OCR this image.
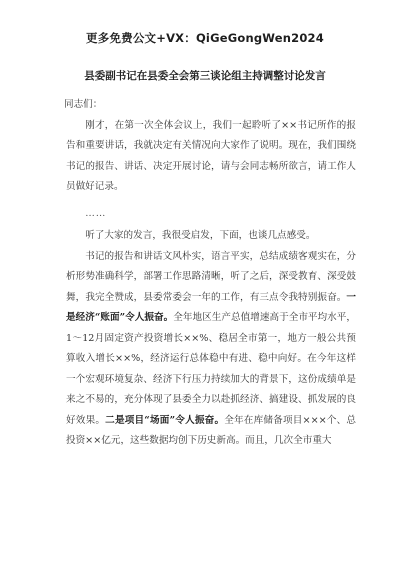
更多免费公文+VX：QiGeGongWen2024
县委副书记在县委全会第三谈论组主持调整讨论发言

同志们：

刚才，在第一次全体会议上，我们一起聆听了××书记所作的报告和重要讲话，我就决定有关情况向大家作了说明。现在，我们围绕书记的报告、讲话、决定开展讨论，请与会同志畅所欲言，请工作人员做好记录。

……

听了大家的发言，我很受启发，下面，也谈几点感受。

书记的报告和讲话文风朴实，语言平实，总结成绩客观实在，分析形势准确科学，部署工作思路清晰，听了之后，深受教育、深受鼓舞，我完全赞成，县委常委会一年的工作，有三点令我特别振奋。一是经济“账面”令人振奋。全年地区生产总值增速高于全市平均水平，1～12月固定资产投资增长××%、稳居全市第一，地方一般公共预算收入增长××%，经济运行总体稳中有进、稳中向好。在今年这样一个宏观环境复杂、经济下行压力持续加大的背景下，这份成绩单是来之不易的，充分体现了县委全力以赴抓经济、搞建设、抓发展的良好效果。二是项目“场面”令人振奋。全年在库储备项目×××个、总投资××亿元，这些数据均创下历史新高。而且，几次全市重大
